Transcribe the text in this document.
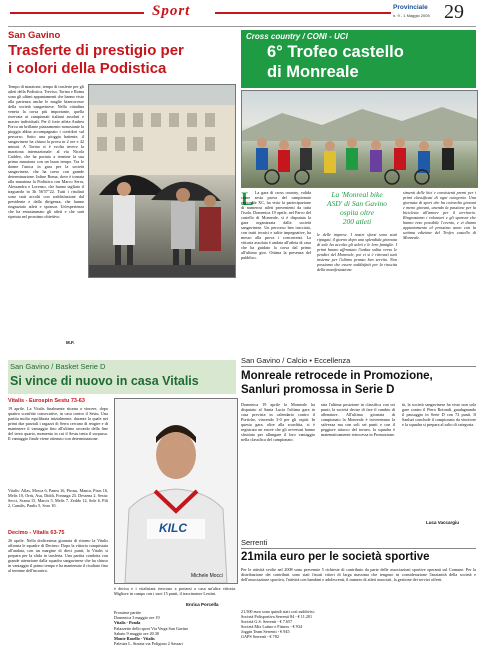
Sport	Provinciale
n. 9 - 1 Maggio 2005 29
San Gavino
Trasferte di prestigio per
i colori della Podistica

Tempo di maratone, tempo di trasferte per gli atleti della Podistica. Treviso, Torino e Roma sono gli ultimi appuntamenti che hanno visto alla partenza anche le maglie biancorosse della società sangavinese. Nella cittadina veneta la corsa più importante, quella riservata ai campionati italiani assoluti e master individuali. Per il forte atleta Andrea Porcu un brillante piazzamento nonostante la pioggia abbia accompagnato i corridori sul percorso. Sotto una pioggia battente, il sangavinese ha chiuso la prova in 2 ore e 42 minuti. A Torino si è svolta invece la maratona internazionale: al via Nicola Caddeo, che ha portato a termine la sua prima maratona con un buon tempo. Tra le donne l'unica in gara per la società sangavinese, che ha corso con grande determinazione. Infine Roma, dove è tornata alla maratona la Podistica con Marco Serra, Alessandra e Lorenzo, che hanno tagliato il traguardo in 3h 56'57"22. Tutti i risultati sono stati accolti con soddisfazione dal presidente e dalla dirigenza, che hanno ringraziato atleti e sponsor. Un'esperienza che ha entusiasmato gli atleti e che sarà ripetuta nel prossimo obiettivo.

M.F.
Cross country / CONI - UCI
6° Trofeo castello
di Monreale
L La gara di cross country, valida come sesta prova del campionato regionale XC, ha visto la partecipazione di numerosi atleti provenienti da tutta l'isola. Domenica 19 aprile, nel Parco del castello di Monreale, si è disputata la gara organizzata dalla società sangavinese. Un percorso ben tracciato, con tratti tecnici e salite impegnative, ha messo alla prova i concorrenti. La vittoria assoluta è andata all'atleta di casa che ha guidato la corsa dal primo all'ultimo giro. Ottima la presenza del pubblico.

La 'Monreal bike
ASD' di San Gavino
ospita oltre
200 atleti

le delle imprese. I nostri sforzi sono stati ripagati, il giorno dopo una splendida giornata di sole ha accolto gli atleti e le loro famiglie. I primi hanno affrontato l'ardua salita verso le pendici del Monreale, poi ci si è ritrovati tutti insieme per l'ultimo pranzo ben servito. Non possiamo che essere soddisfatti per la riuscita della manifestazione.

simenti delle bici e consistenti premi per i primi classificati di ogni categoria. Una giornata di sport che ha coinvolto giovani e meno giovani, unendo la passione per la bicicletta all'amore per il territorio. Ringraziamo i volontari e gli sponsor che hanno reso possibile l'evento, e vi diamo appuntamento al prossimo anno con la settima edizione del Trofeo castello di Monreale.

San Gavino / Basket Serie D
Si vince di nuovo in casa Vitalis
Vitalis - Eurospin Sestu 73-63

19 aprile. La Vitalis finalmente ritorna a vincere, dopo quattro sconfitte consecutive, in casa contro il Sestu. Una partita molto equilibrata inizialmente, durante la quale nei primi due parziali i ragazzi di Serra cercano di reagire e di mantenere il vantaggio fino all'ultimo secondo della fine del terzo quarto, momento in cui il Sestu tenta il sorpasso. Il vantaggio finale viene ottenuto con determinazione.

Vitalis: Allas, Mosca 6, Panea 16, Pirosu, Manca, Piras 16, Melis 10, Orrù, Asu, Diddi, Fonnaga 23. Dessena 2. Sestu: Secci, Scanu 15, Marcis 5, Melis 7, Zeddo 12, Sole 6, Pili 2, Canalis, Paulis 5, Soro 10.

Decimo - Vitalis 63-75

26 aprile. Nella dodicesima giornata di ritorno la Vitalis affronta le squadre di Decimo. Dopo la vittoria conquistata all'andata, con un margine di dieci punti, la Vitalis si prepara per la sfida in trasferta. Una partita condotta con grande attenzione dalla squadra sangavinese che ha chiuso in vantaggio il primo tempo e ha mantenuto il risultato fino al termine dell'incontro.

KILC
Michele Mocci

è decisa e i vitalisiani riescono a portarsi a casa un'altra vittoria. Migliore in campo con i suoi 15 punti, il trascinatore Lestini.

Enrica Porcella
Prossime partite
Domenica 3 maggio ore 19
Vitalis - Ponda
Palazzetto dello sport Via Verga San Gavino
Sabato 9 maggio ore 20.30
Monte Rosello - Vitalis
Palestra L. Sinisia via Poligono 2 Sassari
San Gavino / Calcio • Eccellenza
Monreale retrocede in Promozione,
Sanluri promossa in Serie D

Domenica 19 aprile la Monreale ha disputato al Santa Lucia l'ultima gara in casa prevista in calendario contro il Portiche, vincendo 3-0 per gli ospiti. In questa gara, oltre alla sconfitta, si è registrato un errore che gli avversari hanno sfruttato per allungare il loro vantaggio nella classifica del campionato.

rata l'ultima posizione in classifica con sei punti, la società decise di fare il cambio di allenatore. All'ultima giornata di campionato la Monreale è troveremmo la salvezza ma con soli sei punti e con il peggiore attacco del torneo, la squadra è matematicamente retrocessa in Promozione.

tà, la società sangavinese ha visto non sola gare contro il Piero Rotondi, guadagnando il passaggio in Serie D con 72 punti. Il Sanluri conclude il campionato da vincitore e la squadra si prepara al salto di categoria.

Luca Vaccargiu
Serrenti
21mila euro per le società sportive

Per le attività svolte nel 2008 sono pervenute 5 richieste di contributo da parte delle associazioni sportive operanti sul Comune. Per la distribuzione dei contributi sono stati fissati criteri di larga massima che tengono in considerazione l'anzianità della società e dell'associazione sportiva, l'attività con bambini e adolescenti, il numero di atleti associati, la gestione dei servizi offerti.

21.500 euro sono quindi stati così suddivisi:
Società Polisportiva Serrenti 84 - € 11.201
Società G.S. Serrenti - € 7.657
Società Mix Latino e Fitness - € 934
Joggin Team Serrenti - € 945
GAPS Serrenti - € 782
